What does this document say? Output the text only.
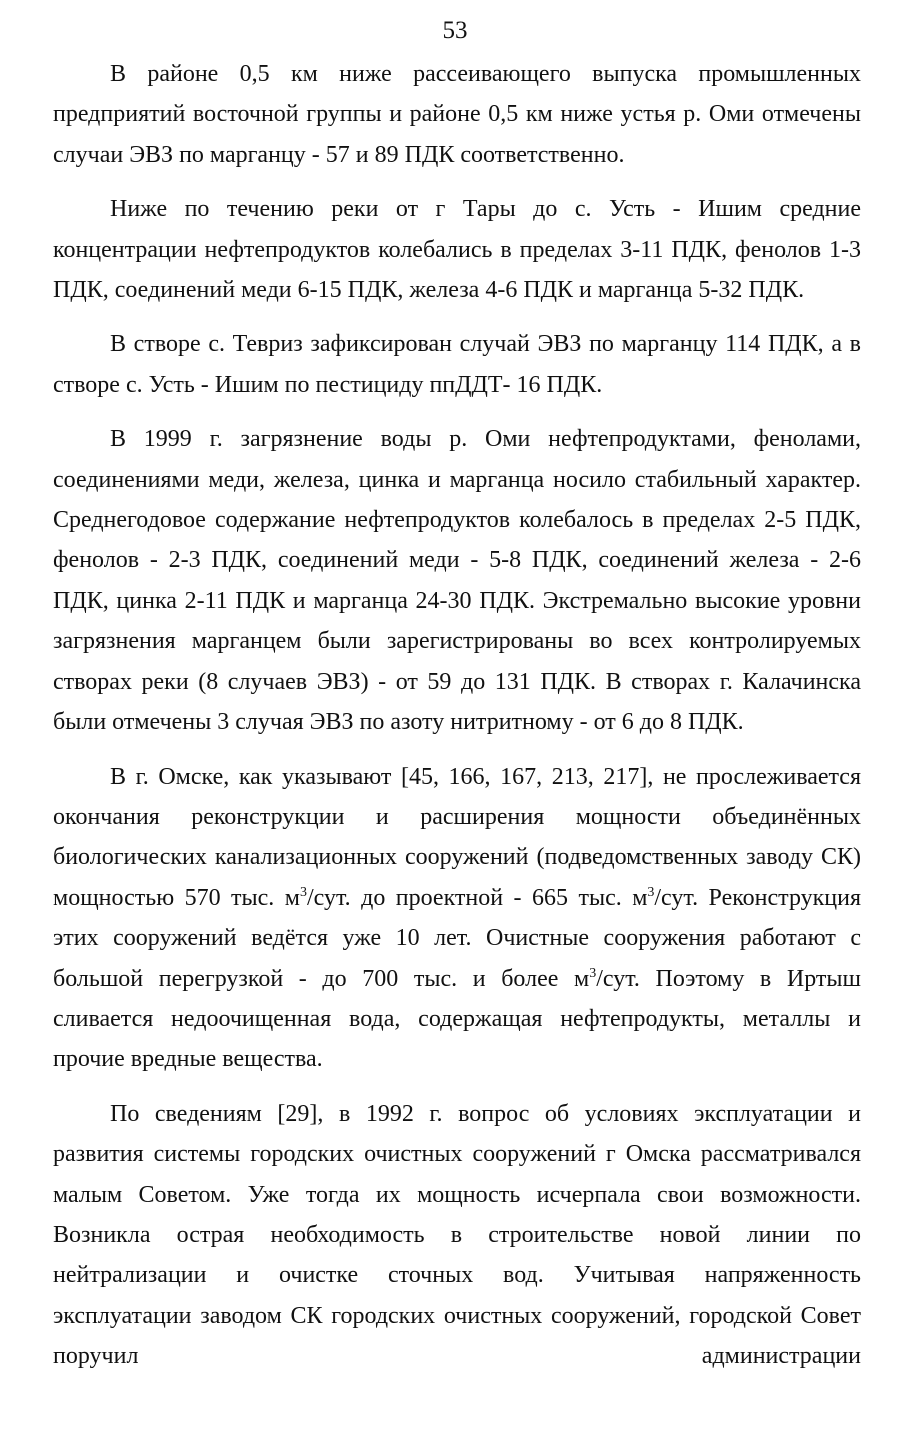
53

В районе 0,5 км ниже рассеивающего выпуска промышленных предприятий восточной группы и районе 0,5 км ниже устья р. Оми отмечены случаи ЭВЗ по марганцу - 57 и 89 ПДК соответственно.

Ниже по течению реки от г Тары до с. Усть - Ишим средние концентрации нефтепродуктов колебались в пределах 3-11 ПДК, фенолов 1-3 ПДК, соединений меди 6-15 ПДК, железа 4-6 ПДК и марганца 5-32 ПДК.

В створе с. Тевриз зафиксирован случай ЭВЗ по марганцу 114 ПДК, а в створе с. Усть - Ишим по пестициду ппДДТ- 16 ПДК.

В 1999 г. загрязнение воды р. Оми нефтепродуктами, фенолами, соединениями меди, железа, цинка и марганца носило стабильный характер. Среднегодовое содержание нефтепродуктов колебалось в пределах 2-5 ПДК, фенолов - 2-3 ПДК, соединений меди - 5-8 ПДК, соединений железа - 2-6 ПДК, цинка 2-11 ПДК и марганца 24-30 ПДК. Экстремально высокие уровни загрязнения марганцем были зарегистрированы во всех контролируемых створах реки (8 случаев ЭВЗ) - от 59 до 131 ПДК. В створах г. Калачинска были отмечены 3 случая ЭВЗ по азоту нитритному - от 6 до 8 ПДК.

В г. Омске, как указывают [45, 166, 167, 213, 217], не прослеживается окончания реконструкции и расширения мощности объединённых биологических канализационных сооружений (подведомственных заводу СК) мощностью 570 тыс. $м^3$/сут. до проектной - 665 тыс. $м^3$/сут. Реконструкция этих сооружений ведётся уже 10 лет. Очистные сооружения работают с большой перегрузкой - до 700 тыс. и более $м^3$/сут. Поэтому в Иртыш сливается недоочищенная вода, содержащая нефтепродукты, металлы и прочие вредные вещества.

По сведениям [29], в 1992 г. вопрос об условиях эксплуатации и развития системы городских очистных сооружений г Омска рассматривался малым Советом. Уже тогда их мощность исчерпала свои возможности. Возникла острая необходимость в строительстве новой линии по нейтрализации и очистке сточных вод. Учитывая напряженность эксплуатации заводом СК городских очистных сооружений, городской Совет поручил администрации
